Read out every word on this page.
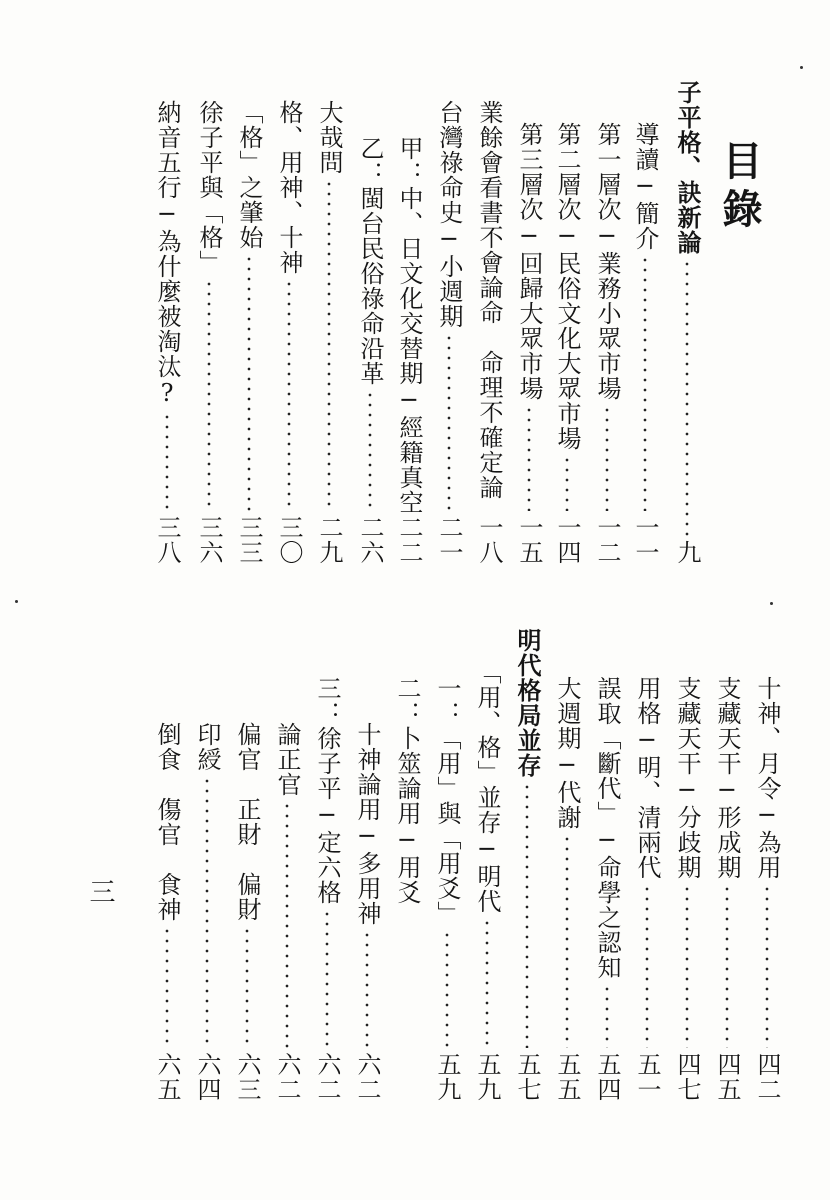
目錄
三
子平格、訣新論
九
導讀─簡介
一一
第一層次─業務小眾市場
一二
第二層次─民俗文化大眾市場
一四
第三層次─回歸大眾市場
一五
業餘會看書不會論命　命理不確定論
一八
台灣祿命史─小週期
二一
甲：中、日文化交替期─經籍真空
二二
乙：閩台民俗祿命沿革
二六
大哉問
二九
格、用神、十神
三〇
「格」之肇始
三三
徐子平與「格」
三六
納音五行─為什麼被淘汰?
三八
十神、月令─為用
四二
支藏天干─形成期
四五
支藏天干─分歧期
四七
用格─明、清兩代
五一
誤取「斷代」─命學之認知
五四
大週期─代謝
五五
明代格局並存
五七
「用、格」並存─明代
五九
一：「用」與「用爻」
五九
二：卜筮論用─用爻
十神論用─多用神
六二
三：徐子平─定六格
六二
論正官
六二
偏官　正財　偏財
六三
印綬
六四
倒食　傷官　食神
六五
